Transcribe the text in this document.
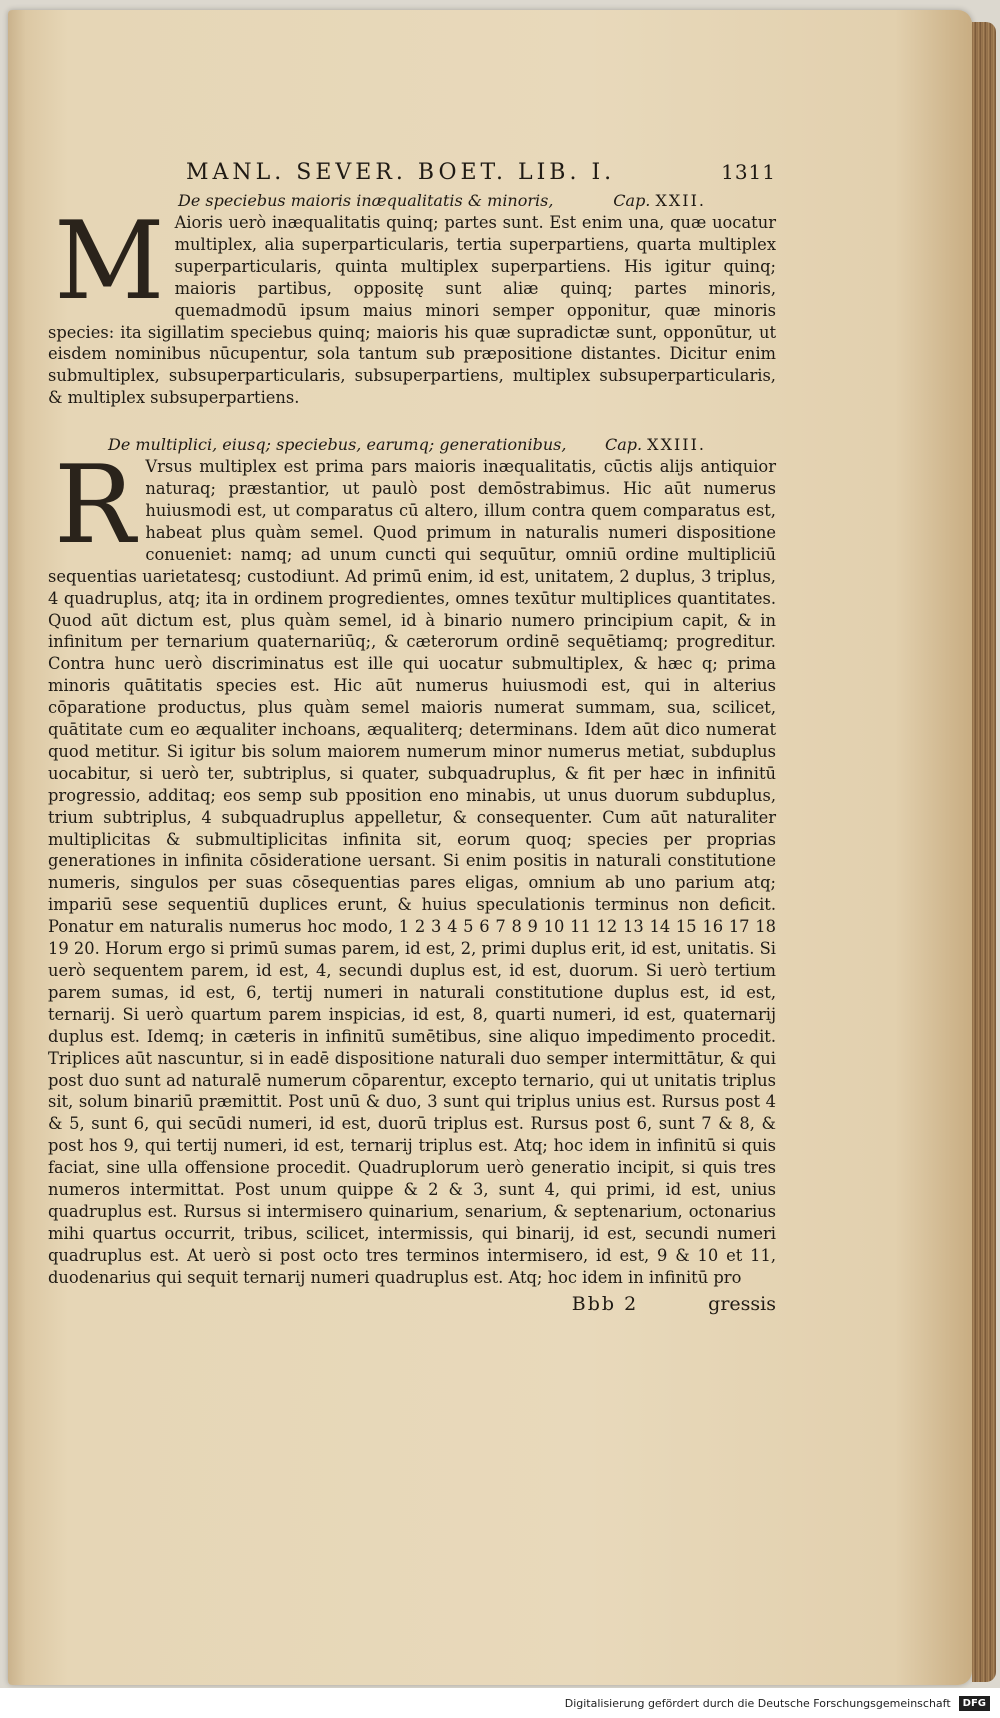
MANL. SEVER. BOET. LIB. I.	1311
De speciebus maioris inæqualitatis & minoris,	Cap. XXII.
M Aioris uerò inæqualitatis quinq; partes sunt. Est enim una, quæ uocatur multiplex, alia superparticularis, tertia superpartiens, quarta multiplex superparticularis, quinta multiplex superpartiens. His igitur quinq; maioris partibus, oppositę sunt aliæ quinq; partes minoris, quemadmodū ipsum maius minori semper opponitur, quæ minoris species: ita sigillatim speciebus quinq; maioris his quæ supradictæ sunt, opponūtur, ut eisdem nominibus nūcupentur, sola tantum sub præpositione distantes. Dicitur enim submultiplex, subsuperparticularis, subsuperpartiens, multiplex subsuperparticularis, & multiplex subsuperpartiens.
De multiplici, eiusq; speciebus, earumq; generationibus, Cap. XXIII.
R Vrsus multiplex est prima pars maioris inæqualitatis, cūctis alijs antiquior naturaq; præstantior, ut paulò post demōstrabimus. Hic aūt numerus huiusmodi est, ut comparatus cū altero, illum contra quem comparatus est, habeat plus quàm semel. Quod primum in naturalis numeri dispositione conueniet: namq; ad unum cuncti qui sequūtur, omniū ordine multipliciū sequentias uarietatesq; custodiunt. Ad primū enim, id est, unitatem, 2 duplus, 3 triplus, 4 quadruplus, atq; ita in ordinem progredientes, omnes texūtur multiplices quantitates. Quod aūt dictum est, plus quàm semel, id à binario numero principium capit, & in infinitum per ternarium quaternariūq;, & cæterorum ordinē sequētiamq; progreditur. Contra hunc uerò discriminatus est ille qui uocatur submultiplex, & hæc q; prima minoris quātitatis species est. Hic aūt numerus huiusmodi est, qui in alterius cōparatione productus, plus quàm semel maioris numerat summam, sua, scilicet, quātitate cum eo æqualiter inchoans, æqualiterq; determinans. Idem aūt dico numerat quod metitur. Si igitur bis solum maiorem numerum minor numerus metiat, subduplus uocabitur, si uerò ter, subtriplus, si quater, subquadruplus, & fit per hæc in infinitū progressio, additaq; eos semp sub pposition eno minabis, ut unus duorum subduplus, trium subtriplus, 4 subquadruplus appelletur, & consequenter. Cum aūt naturaliter multiplicitas & submultiplicitas infinita sit, eorum quoq; species per proprias generationes in infinita cōsideratione uersant. Si enim positis in naturali constitutione numeris, singulos per suas cōsequentias pares eligas, omnium ab uno parium atq; impariū sese sequentiū duplices erunt, & huius speculationis terminus non deficit. Ponatur em naturalis numerus hoc modo, 1 2 3 4 5 6 7 8 9 10 11 12 13 14 15 16 17 18 19 20. Horum ergo si primū sumas parem, id est, 2, primi duplus erit, id est, unitatis. Si uerò sequentem parem, id est, 4, secundi duplus est, id est, duorum. Si uerò tertium parem sumas, id est, 6, tertij numeri in naturali constitutione duplus est, id est, ternarij. Si uerò quartum parem inspicias, id est, 8, quarti numeri, id est, quaternarij duplus est. Idemq; in cæteris in infinitū sumētibus, sine aliquo impedimento procedit. Triplices aūt nascuntur, si in eadē dispositione naturali duo semper intermittātur, & qui post duo sunt ad naturalē numerum cōparentur, excepto ternario, qui ut unitatis triplus sit, solum binariū præmittit. Post unū & duo, 3 sunt qui triplus unius est. Rursus post 4 & 5, sunt 6, qui secūdi numeri, id est, duorū triplus est. Rursus post 6, sunt 7 & 8, & post hos 9, qui tertij numeri, id est, ternarij triplus est. Atq; hoc idem in infinitū si quis faciat, sine ulla offensione procedit. Quadruplorum uerò generatio incipit, si quis tres numeros intermittat. Post unum quippe & 2 & 3, sunt 4, qui primi, id est, unius quadruplus est. Rursus si intermisero quinarium, senarium, & septenarium, octonarius mihi quartus occurrit, tribus, scilicet, intermissis, qui binarij, id est, secundi numeri quadruplus est. At uerò si post octo tres terminos intermisero, id est, 9 & 10 et 11, duodenarius qui sequit ternarij numeri quadruplus est. Atq; hoc idem in infinitū pro
Bbb 2	gressis
Digitalisierung gefördert durch die Deutsche Forschungsgemeinschaft	DFG
